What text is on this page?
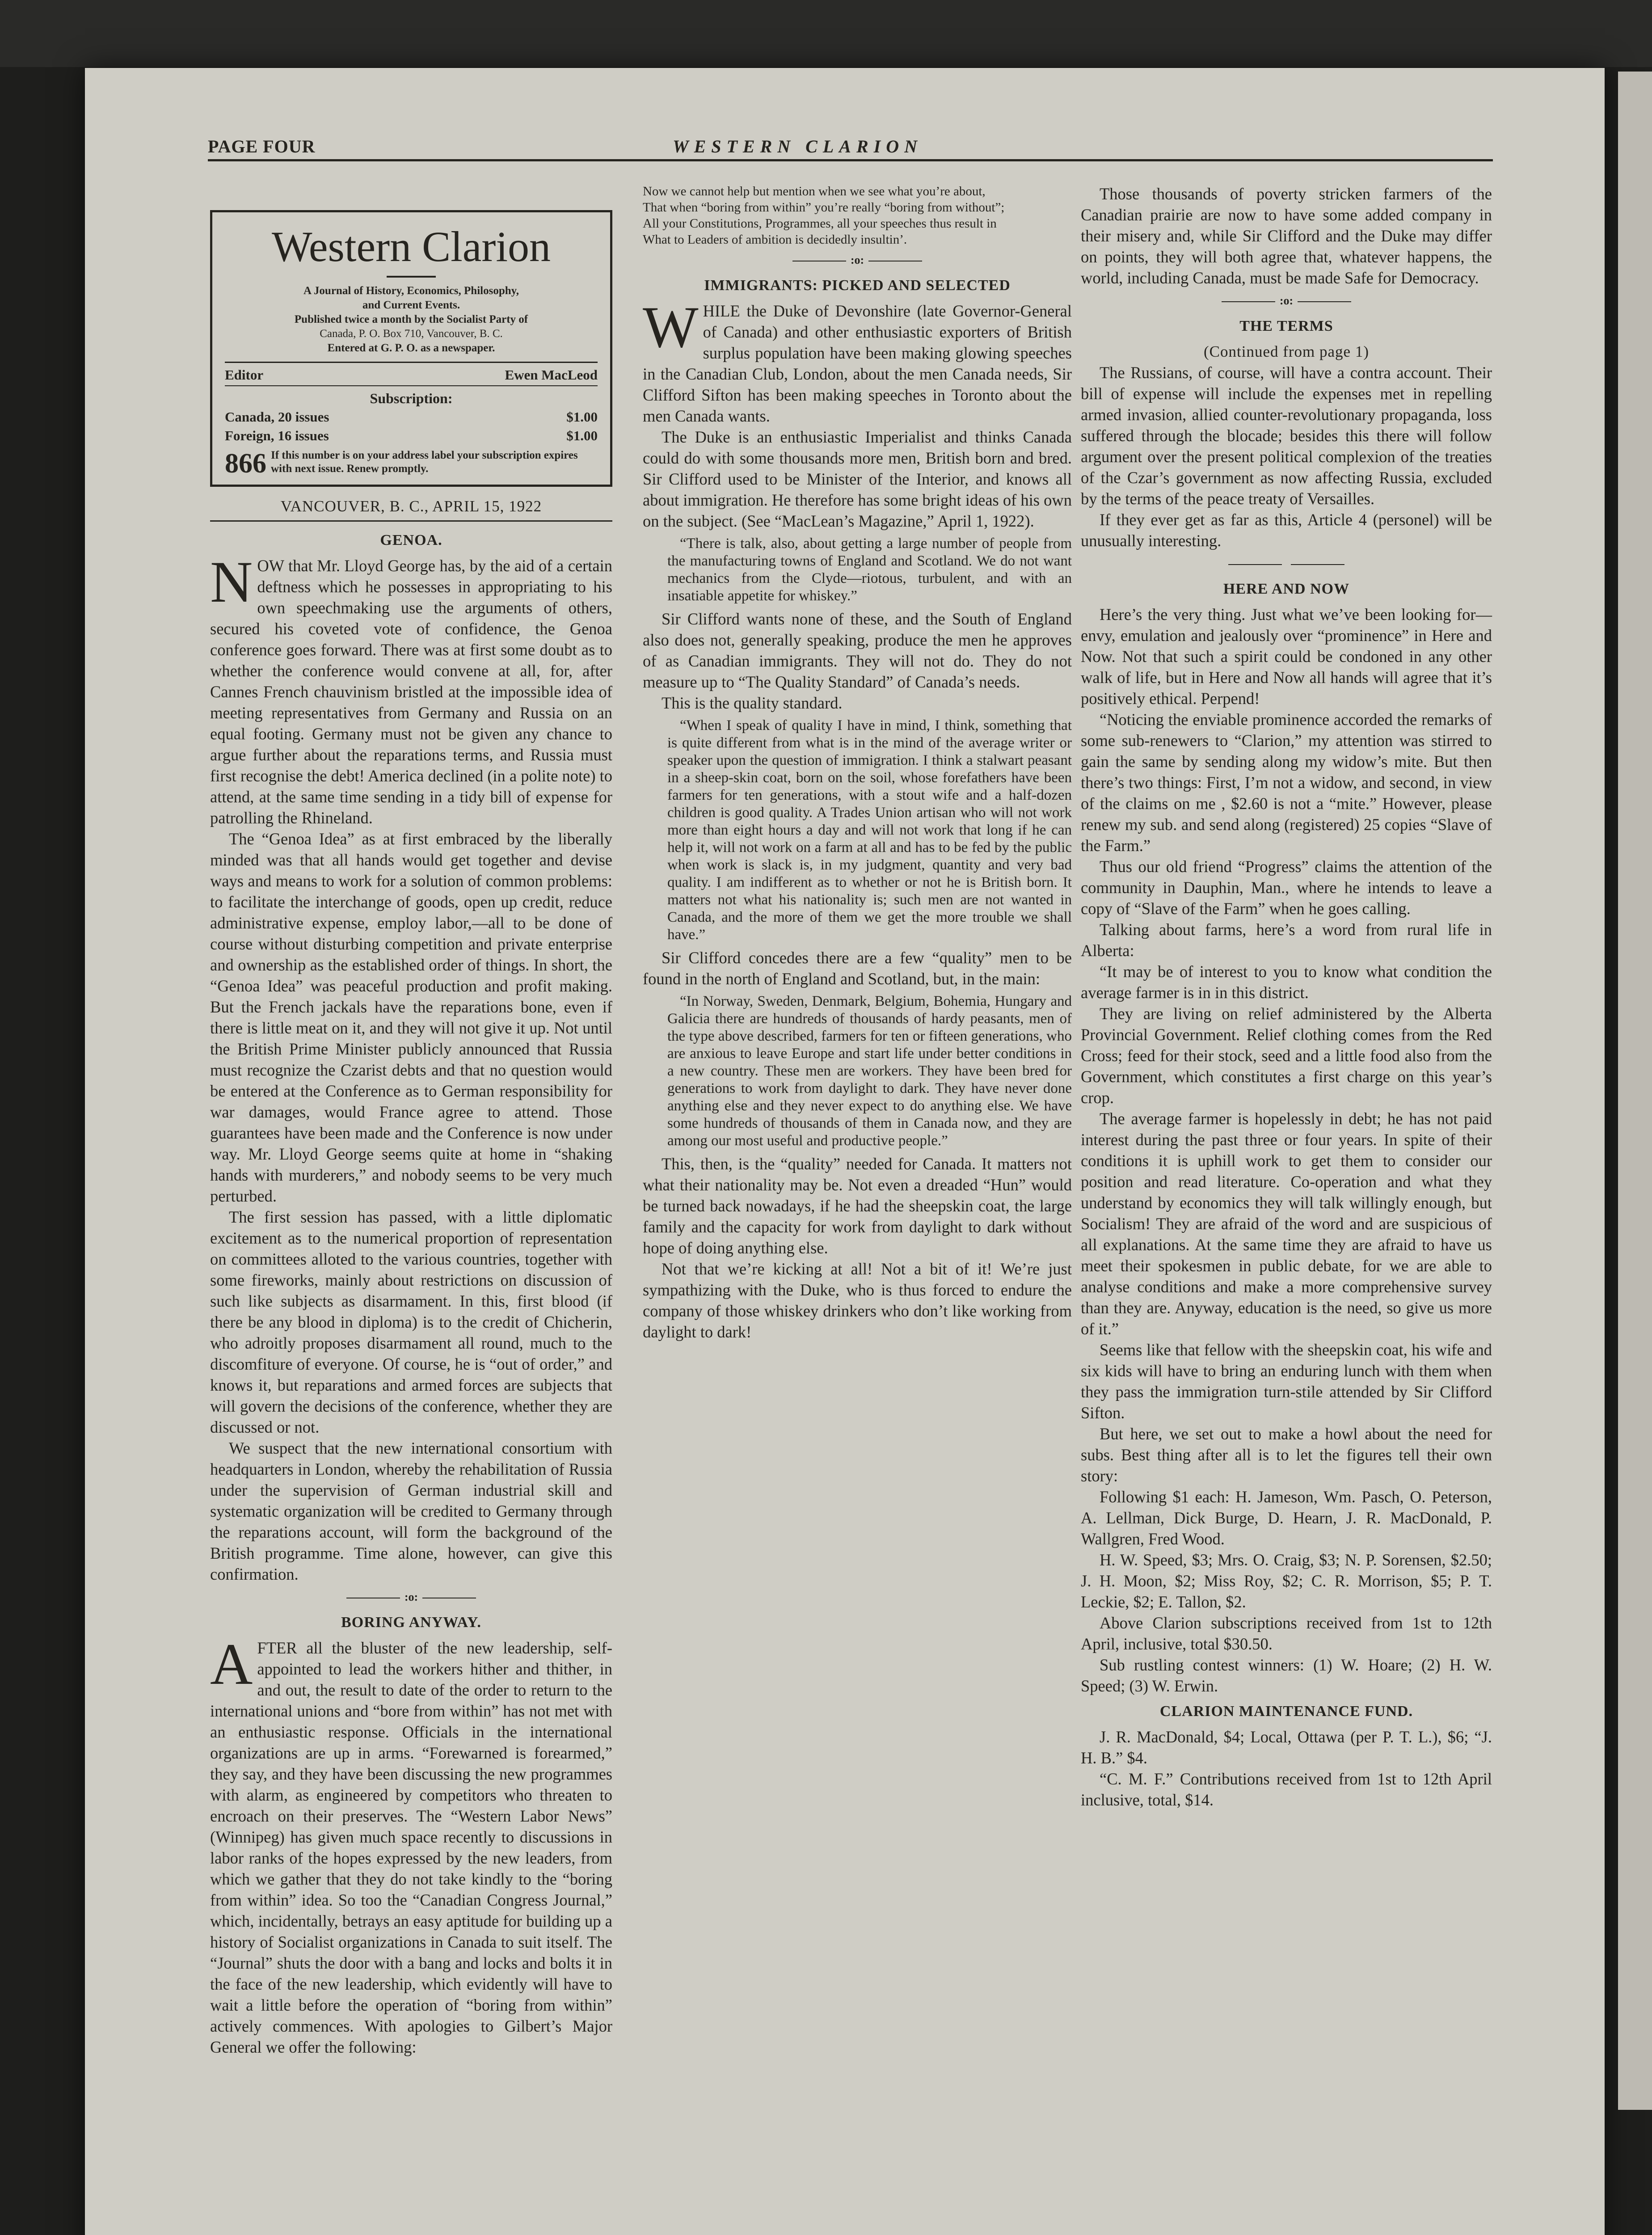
PAGE FOUR	WESTERN CLARION
Western Clarion
A Journal of History, Economics, Philosophy,
and Current Events.
Published twice a month by the Socialist Party of
Canada, P. O. Box 710, Vancouver, B. C.
Entered at G. P. O. as a newspaper.
Editor	Ewen MacLeod
Subscription:
Canada, 20 issues	$1.00
Foreign, 16 issues	$1.00
866 If this number is on your address label your subscription expires with next issue. Renew promptly.
VANCOUVER, B. C., APRIL 15, 1922
GENOA.

NOW that Mr. Lloyd George has, by the aid of a certain deftness which he possesses in appropriating to his own speechmaking use the arguments of others, secured his coveted vote of confidence, the Genoa conference goes forward. There was at first some doubt as to whether the conference would convene at all, for, after Cannes French chauvinism bristled at the impossible idea of meeting representatives from Germany and Russia on an equal footing. Germany must not be given any chance to argue further about the reparations terms, and Russia must first recognise the debt! America declined (in a polite note) to attend, at the same time sending in a tidy bill of expense for patrolling the Rhineland.

The “Genoa Idea” as at first embraced by the liberally minded was that all hands would get together and devise ways and means to work for a solution of common problems: to facilitate the interchange of goods, open up credit, reduce administrative expense, employ labor,—all to be done of course without disturbing competition and private enterprise and ownership as the established order of things. In short, the “Genoa Idea” was peaceful production and profit making. But the French jackals have the reparations bone, even if there is little meat on it, and they will not give it up. Not until the British Prime Minister publicly announced that Russia must recognize the Czarist debts and that no question would be entered at the Conference as to German responsibility for war damages, would France agree to attend. Those guarantees have been made and the Conference is now under way. Mr. Lloyd George seems quite at home in “shaking hands with murderers,” and nobody seems to be very much perturbed.

The first session has passed, with a little diplomatic excitement as to the numerical proportion of representation on committees alloted to the various countries, together with some fireworks, mainly about restrictions on discussion of such like subjects as disarmament. In this, first blood (if there be any blood in diploma) is to the credit of Chicherin, who adroitly proposes disarmament all round, much to the discomfiture of everyone. Of course, he is “out of order,” and knows it, but reparations and armed forces are subjects that will govern the decisions of the conference, whether they are discussed or not.

We suspect that the new international consortium with headquarters in London, whereby the rehabilitation of Russia under the supervision of German industrial skill and systematic organization will be credited to Germany through the reparations account, will form the background of the British programme. Time alone, however, can give this confirmation.

:o:
BORING ANYWAY.

AFTER all the bluster of the new leadership, self-appointed to lead the workers hither and thither, in and out, the result to date of the order to return to the international unions and “bore from within” has not met with an enthusiastic response. Officials in the international organizations are up in arms. “Forewarned is forearmed,” they say, and they have been discussing the new programmes with alarm, as engineered by competitors who threaten to encroach on their preserves. The “Western Labor News” (Winnipeg) has given much space recently to discussions in labor ranks of the hopes expressed by the new leaders, from which we gather that they do not take kindly to the “boring from within” idea. So too the “Canadian Congress Journal,” which, incidentally, betrays an easy aptitude for building up a history of Socialist organizations in Canada to suit itself. The “Journal” shuts the door with a bang and locks and bolts it in the face of the new leadership, which evidently will have to wait a little before the operation of “boring from within” actively commences. With apologies to Gilbert’s Major General we offer the following:

Now we cannot help but mention when we see what you’re about,

That when “boring from within” you’re really “boring from without”;

All your Constitutions, Programmes, all your speeches thus result in

What to Leaders of ambition is decidedly insultin’.

:o:
IMMIGRANTS: PICKED AND SELECTED

WHILE the Duke of Devonshire (late Governor-General of Canada) and other enthusiastic exporters of British surplus population have been making glowing speeches in the Canadian Club, London, about the men Canada needs, Sir Clifford Sifton has been making speeches in Toronto about the men Canada wants.

The Duke is an enthusiastic Imperialist and thinks Canada could do with some thousands more men, British born and bred. Sir Clifford used to be Minister of the Interior, and knows all about immigration. He therefore has some bright ideas of his own on the subject. (See “MacLean’s Magazine,” April 1, 1922).

“There is talk, also, about getting a large number of people from the manufacturing towns of England and Scotland. We do not want mechanics from the Clyde—riotous, turbulent, and with an insatiable appetite for whiskey.”

Sir Clifford wants none of these, and the South of England also does not, generally speaking, produce the men he approves of as Canadian immigrants. They will not do. They do not measure up to “The Quality Standard” of Canada’s needs.

This is the quality standard.

“When I speak of quality I have in mind, I think, something that is quite different from what is in the mind of the average writer or speaker upon the question of immigration. I think a stalwart peasant in a sheep-skin coat, born on the soil, whose forefathers have been farmers for ten generations, with a stout wife and a half-dozen children is good quality. A Trades Union artisan who will not work more than eight hours a day and will not work that long if he can help it, will not work on a farm at all and has to be fed by the public when work is slack is, in my judgment, quantity and very bad quality. I am indifferent as to whether or not he is British born. It matters not what his nationality is; such men are not wanted in Canada, and the more of them we get the more trouble we shall have.”

Sir Clifford concedes there are a few “quality” men to be found in the north of England and Scotland, but, in the main:

“In Norway, Sweden, Denmark, Belgium, Bohemia, Hungary and Galicia there are hundreds of thousands of hardy peasants, men of the type above described, farmers for ten or fifteen generations, who are anxious to leave Europe and start life under better conditions in a new country. These men are workers. They have been bred for generations to work from daylight to dark. They have never done anything else and they never expect to do anything else. We have some hundreds of thousands of them in Canada now, and they are among our most useful and productive people.”

This, then, is the “quality” needed for Canada. It matters not what their nationality may be. Not even a dreaded “Hun” would be turned back nowadays, if he had the sheepskin coat, the large family and the capacity for work from daylight to dark without hope of doing anything else.

Not that we’re kicking at all! Not a bit of it! We’re just sympathizing with the Duke, who is thus forced to endure the company of those whiskey drinkers who don’t like working from daylight to dark!

Those thousands of poverty stricken farmers of the Canadian prairie are now to have some added company in their misery and, while Sir Clifford and the Duke may differ on points, they will both agree that, whatever happens, the world, including Canada, must be made Safe for Democracy.

:o:
THE TERMS
(Continued from page 1)

The Russians, of course, will have a contra account. Their bill of expense will include the expenses met in repelling armed invasion, allied counter-revolutionary propaganda, loss suffered through the blocade; besides this there will follow argument over the present political complexion of the treaties of the Czar’s government as now affecting Russia, excluded by the terms of the peace treaty of Versailles.

If they ever get as far as this, Article 4 (personel) will be unusually interesting.

HERE AND NOW

Here’s the very thing. Just what we’ve been looking for—envy, emulation and jealously over “prominence” in Here and Now. Not that such a spirit could be condoned in any other walk of life, but in Here and Now all hands will agree that it’s positively ethical. Perpend!

“Noticing the enviable prominence accorded the remarks of some sub-renewers to “Clarion,” my attention was stirred to gain the same by sending along my widow’s mite. But then there’s two things: First, I’m not a widow, and second, in view of the claims on me , $2.60 is not a “mite.” However, please renew my sub. and send along (registered) 25 copies “Slave of the Farm.”

Thus our old friend “Progress” claims the attention of the community in Dauphin, Man., where he intends to leave a copy of “Slave of the Farm” when he goes calling.

Talking about farms, here’s a word from rural life in Alberta:

“It may be of interest to you to know what condition the average farmer is in in this district.

They are living on relief administered by the Alberta Provincial Government. Relief clothing comes from the Red Cross; feed for their stock, seed and a little food also from the Government, which constitutes a first charge on this year’s crop.

The average farmer is hopelessly in debt; he has not paid interest during the past three or four years. In spite of their conditions it is uphill work to get them to consider our position and read literature. Co-operation and what they understand by economics they will talk willingly enough, but Socialism! They are afraid of the word and are suspicious of all explanations. At the same time they are afraid to have us meet their spokesmen in public debate, for we are able to analyse conditions and make a more comprehensive survey than they are. Anyway, education is the need, so give us more of it.”

Seems like that fellow with the sheepskin coat, his wife and six kids will have to bring an enduring lunch with them when they pass the immigration turn-stile attended by Sir Clifford Sifton.

But here, we set out to make a howl about the need for subs. Best thing after all is to let the figures tell their own story:

Following $1 each: H. Jameson, Wm. Pasch, O. Peterson, A. Lellman, Dick Burge, D. Hearn, J. R. MacDonald, P. Wallgren, Fred Wood.

H. W. Speed, $3; Mrs. O. Craig, $3; N. P. Sorensen, $2.50; J. H. Moon, $2; Miss Roy, $2; C. R. Morrison, $5; P. T. Leckie, $2; E. Tallon, $2.

Above Clarion subscriptions received from 1st to 12th April, inclusive, total $30.50.

Sub rustling contest winners: (1) W. Hoare; (2) H. W. Speed; (3) W. Erwin.

CLARION MAINTENANCE FUND.

J. R. MacDonald, $4; Local, Ottawa (per P. T. L.), $6; “J. H. B.” $4.

“C. M. F.” Contributions received from 1st to 12th April inclusive, total, $14.
